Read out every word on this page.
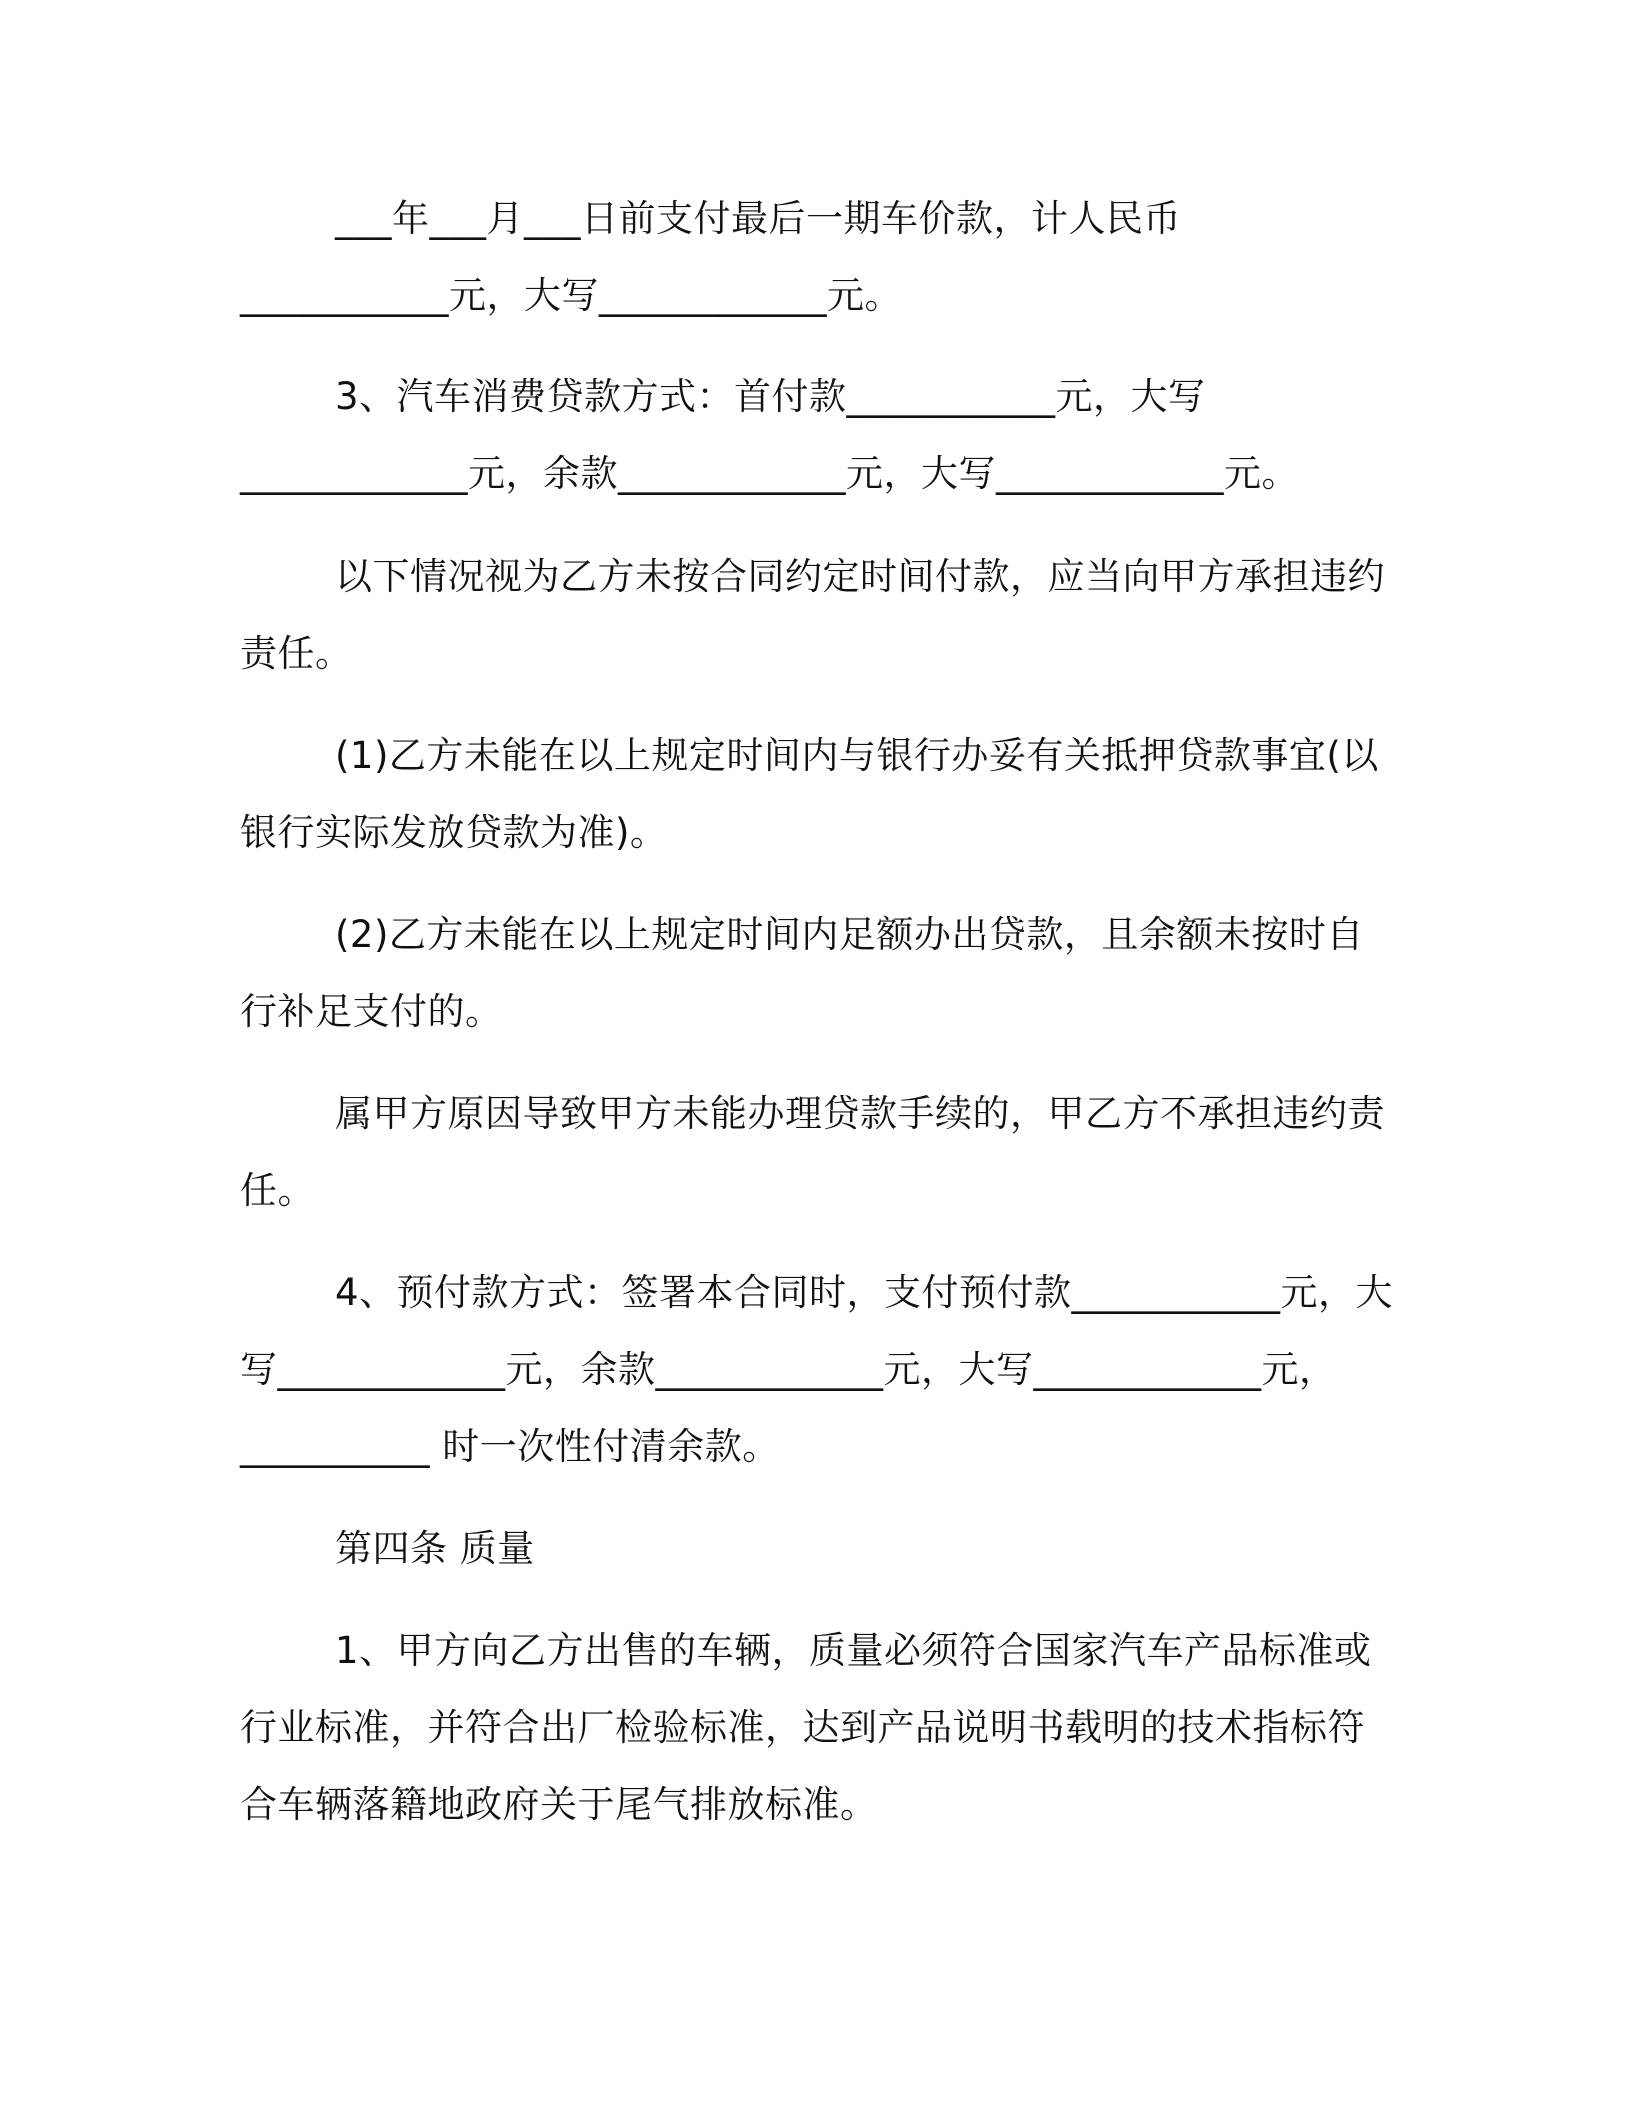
___年___月___日前支付最后一期车价款，计人民币

___________元，大写____________元。

3、汽车消费贷款方式：首付款___________元，大写

____________元，余款____________元，大写____________元。

以下情况视为乙方未按合同约定时间付款，应当向甲方承担违约

责任。

(1)乙方未能在以上规定时间内与银行办妥有关抵押贷款事宜(以

银行实际发放贷款为准)。

(2)乙方未能在以上规定时间内足额办出贷款，且余额未按时自

行补足支付的。

属甲方原因导致甲方未能办理贷款手续的，甲乙方不承担违约责

任。

4、预付款方式：签署本合同时，支付预付款___________元，大

写____________元，余款____________元，大写____________元，

__________ 时一次性付清余款。

第四条 质量

1、甲方向乙方出售的车辆，质量必须符合国家汽车产品标准或

行业标准，并符合出厂检验标准，达到产品说明书载明的技术指标符

合车辆落籍地政府关于尾气排放标准。
